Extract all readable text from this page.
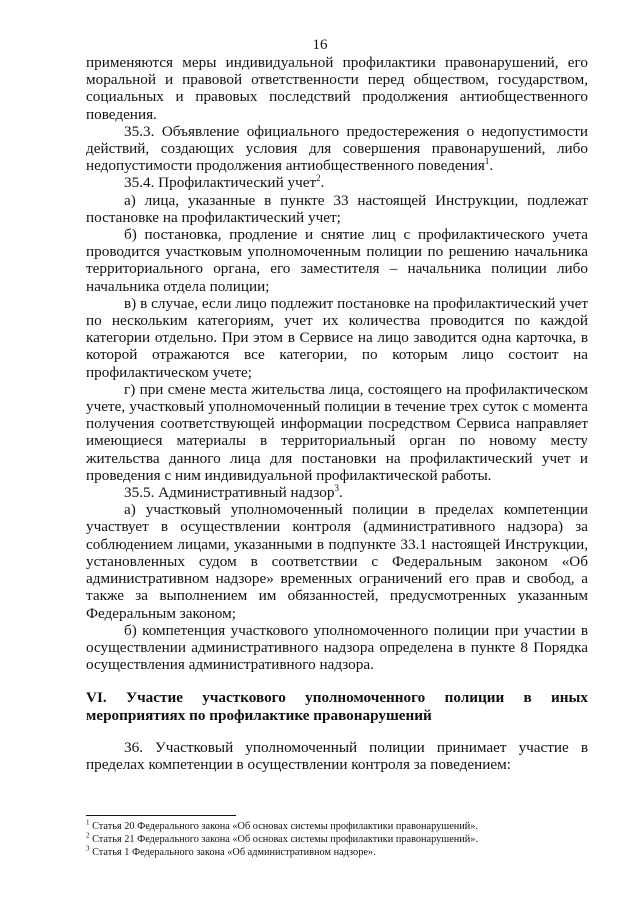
16

применяются меры индивидуальной профилактики правонарушений, его моральной и правовой ответственности перед обществом, государством, социальных и правовых последствий продолжения антиобщественного поведения.

35.3. Объявление официального предостережения о недопустимости действий, создающих условия для совершения правонарушений, либо недопустимости продолжения антиобщественного поведения$^1$.

35.4. Профилактический учет$^2$.

а) лица, указанные в пункте 33 настоящей Инструкции, подлежат постановке на профилактический учет;

б) постановка, продление и снятие лиц с профилактического учета проводится участковым уполномоченным полиции по решению начальника территориального органа, его заместителя – начальника полиции либо начальника отдела полиции;

в) в случае, если лицо подлежит постановке на профилактический учет по нескольким категориям, учет их количества проводится по каждой категории отдельно. При этом в Сервисе на лицо заводится одна карточка, в которой отражаются все категории, по которым лицо состоит на профилактическом учете;

г) при смене места жительства лица, состоящего на профилактическом учете, участковый уполномоченный полиции в течение трех суток с момента получения соответствующей информации посредством Сервиса направляет имеющиеся материалы в территориальный орган по новому месту жительства данного лица для постановки на профилактический учет и проведения с ним индивидуальной профилактической работы.

35.5. Административный надзор$^3$.

а) участковый уполномоченный полиции в пределах компетенции участвует в осуществлении контроля (административного надзора) за соблюдением лицами, указанными в подпункте 33.1 настоящей Инструкции, установленных судом в соответствии с Федеральным законом «Об административном надзоре» временных ограничений его прав и свобод, а также за выполнением им обязанностей, предусмотренных указанным Федеральным законом;

б) компетенция участкового уполномоченного полиции при участии в осуществлении административного надзора определена в пункте 8 Порядка осуществления административного надзора.

VI. Участие участкового уполномоченного полиции в иных мероприятиях по профилактике правонарушений

36. Участковый уполномоченный полиции принимает участие в пределах компетенции в осуществлении контроля за поведением:

$^1$ Статья 20 Федерального закона «Об основах системы профилактики правонарушений».

$^2$ Статья 21 Федерального закона «Об основах системы профилактики правонарушений».

$^3$ Статья 1 Федерального закона «Об административном надзоре».
